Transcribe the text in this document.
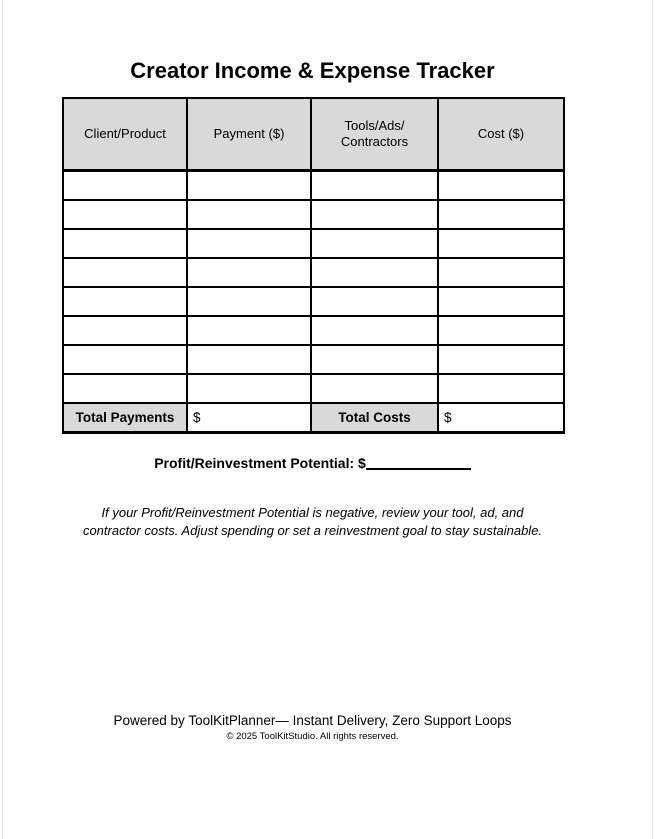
Creator Income & Expense Tracker
Client/Product	Payment ($)	Tools/Ads/ Contractors	Cost ($)

Total Payments	$	Total Costs	$

Profit/Reinvestment Potential: $

If your Profit/Reinvestment Potential is negative, review your tool, ad, and contractor costs. Adjust spending or set a reinvestment goal to stay sustainable.

Powered by ToolKitPlanner— Instant Delivery, Zero Support Loops
© 2025 ToolKitStudio. All rights reserved.
